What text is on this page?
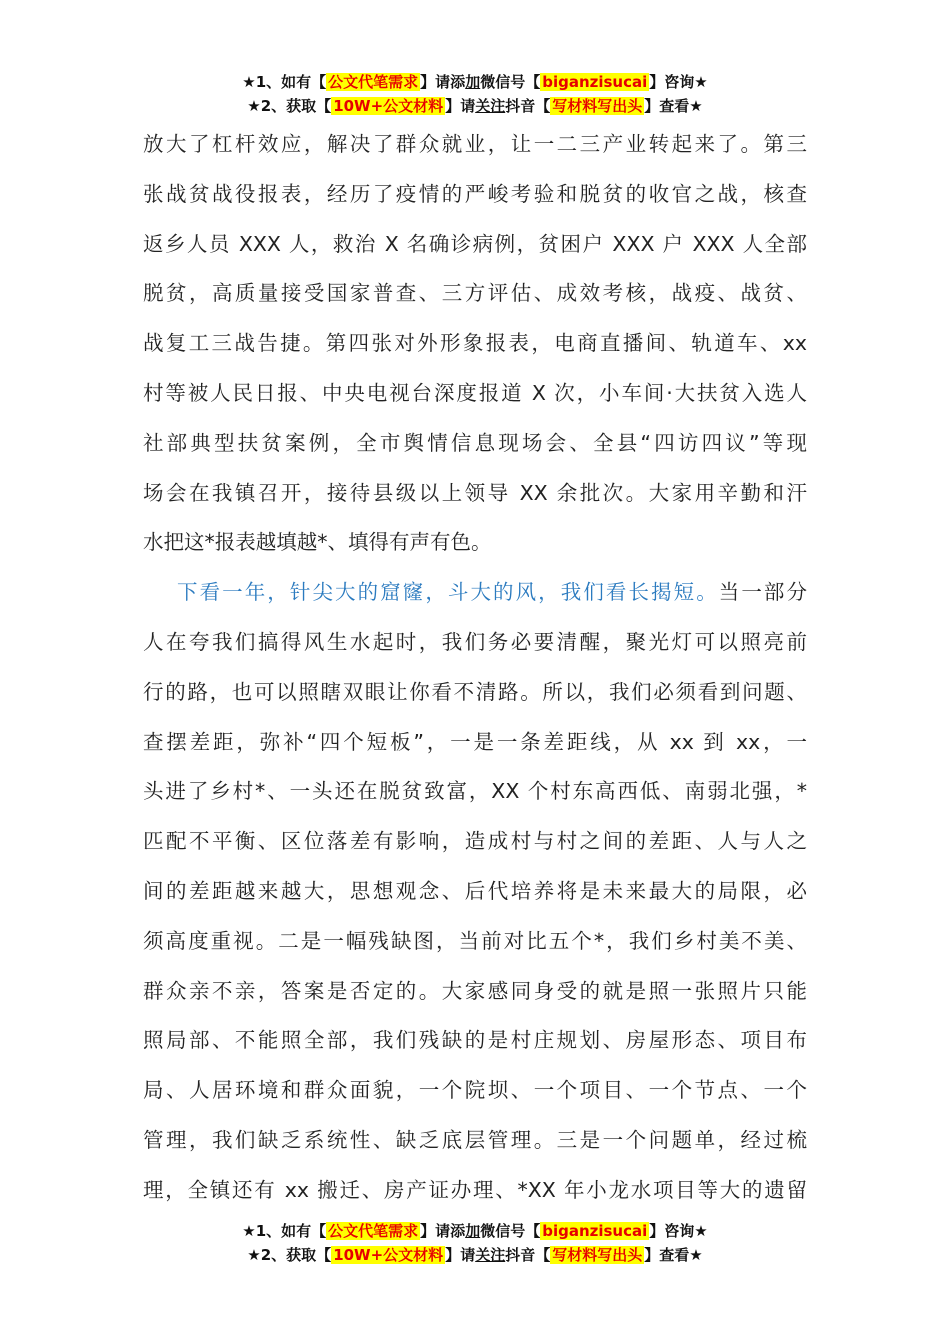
★1、如有【 公文代笔需求 】请添加微信号【 biganzisucai 】咨询★
★2、获取【 10W+公文材料 】请关注抖音【 写材料写出头 】查看★
放大了杠杆效应，解决了群众就业，让一二三产业转起来了。第三
张战贫战役报表，经历了疫情的严峻考验和脱贫的收官之战，核查
返乡人员 XXX 人，救治 X 名确诊病例，贫困户 XXX 户 XXX 人全部
脱贫，高质量接受国家普查、三方评估、成效考核，战疫、战贫、
战复工三战告捷。第四张对外形象报表，电商直播间、轨道车、xx
村等被人民日报、中央电视台深度报道 X 次，小车间·大扶贫入选人
社部典型扶贫案例，全市舆情信息现场会、全县“四访四议”等现
场会在我镇召开，接待县级以上领导 XX 余批次。大家用辛勤和汗
水把这*报表越填越*、填得有声有色。
下看一年，针尖大的窟窿，斗大的风，我们看长揭短。当一部分
人在夸我们搞得风生水起时，我们务必要清醒，聚光灯可以照亮前
行的路，也可以照瞎双眼让你看不清路。所以，我们必须看到问题、
查摆差距，弥补“四个短板”，一是一条差距线，从 xx 到 xx，一
头进了乡村*、一头还在脱贫致富，XX 个村东高西低、南弱北强，*
匹配不平衡、区位落差有影响，造成村与村之间的差距、人与人之
间的差距越来越大，思想观念、后代培养将是未来最大的局限，必
须高度重视。二是一幅残缺图，当前对比五个*，我们乡村美不美、
群众亲不亲，答案是否定的。大家感同身受的就是照一张照片只能
照局部、不能照全部，我们残缺的是村庄规划、房屋形态、项目布
局、人居环境和群众面貌，一个院坝、一个项目、一个节点、一个
管理，我们缺乏系统性、缺乏底层管理。三是一个问题单，经过梳
理，全镇还有 xx 搬迁、房产证办理、*XX 年小龙水项目等大的遗留
★1、如有【 公文代笔需求 】请添加微信号【 biganzisucai 】咨询★
★2、获取【 10W+公文材料 】请关注抖音【 写材料写出头 】查看★
